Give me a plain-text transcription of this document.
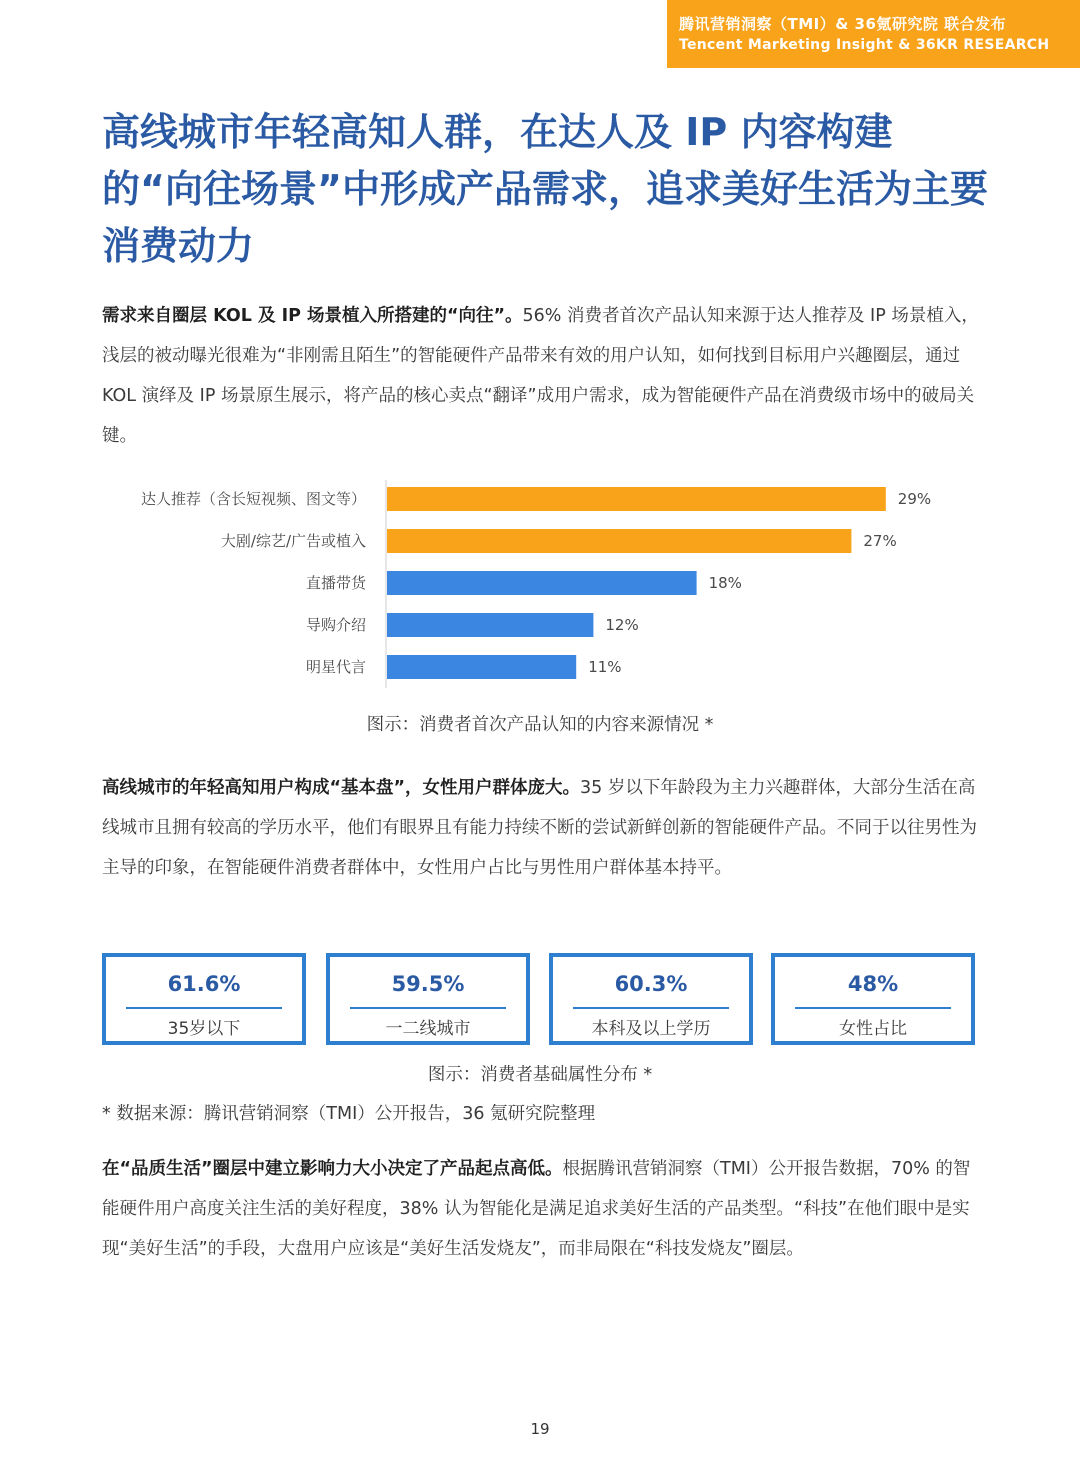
腾讯营销洞察（TMI）& 36氪研究院 联合发布
Tencent Marketing Insight & 36KR RESEARCH
高线城市年轻高知人群，在达人及 IP 内容构建的“向往场景”中形成产品需求，追求美好生活为主要消费动力

需求来自圈层 KOL 及 IP 场景植入所搭建的“向往”。56% 消费者首次产品认知来源于达人推荐及 IP 场景植入，浅层的被动曝光很难为“非刚需且陌生”的智能硬件产品带来有效的用户认知，如何找到目标用户兴趣圈层，通过 KOL 演绎及 IP 场景原生展示，将产品的核心卖点“翻译”成用户需求，成为智能硬件产品在消费级市场中的破局关键。

达人推荐（含长短视频、图文等）	29%
大剧/综艺/广告或植入	27%
直播带货	18%
导购介绍	12%
明星代言	11%

图示：消费者首次产品认知的内容来源情况 *

高线城市的年轻高知用户构成“基本盘”，女性用户群体庞大。35 岁以下年龄段为主力兴趣群体，大部分生活在高线城市且拥有较高的学历水平，他们有眼界且有能力持续不断的尝试新鲜创新的智能硬件产品。不同于以往男性为主导的印象，在智能硬件消费者群体中，女性用户占比与男性用户群体基本持平。

61.6%
35岁以下
59.5%
一二线城市
60.3%
本科及以上学历
48%
女性占比

图示：消费者基础属性分布 *

* 数据来源：腾讯营销洞察（TMI）公开报告，36 氪研究院整理

在“品质生活”圈层中建立影响力大小决定了产品起点高低。根据腾讯营销洞察（TMI）公开报告数据，70% 的智能硬件用户高度关注生活的美好程度，38% 认为智能化是满足追求美好生活的产品类型。“科技”在他们眼中是实现“美好生活”的手段，大盘用户应该是“美好生活发烧友”，而非局限在“科技发烧友”圈层。

19
